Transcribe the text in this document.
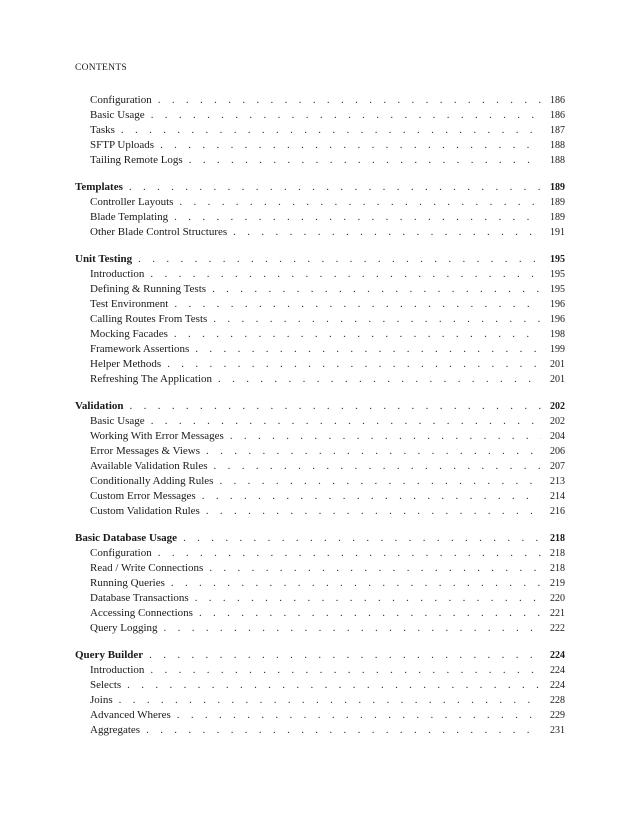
CONTENTS
Configuration . . .	186
Basic Usage . . .	186
Tasks . . .	187
SFTP Uploads . . .	188
Tailing Remote Logs . . .	188
Templates . . .	189
Controller Layouts . . .	189
Blade Templating . . .	189
Other Blade Control Structures . . .	191
Unit Testing . . .	195
Introduction . . .	195
Defining & Running Tests . . .	195
Test Environment . . .	196
Calling Routes From Tests . . .	196
Mocking Facades . . .	198
Framework Assertions . . .	199
Helper Methods . . .	201
Refreshing The Application . . .	201
Validation . . .	202
Basic Usage . . .	202
Working With Error Messages . . .	204
Error Messages & Views . . .	206
Available Validation Rules . . .	207
Conditionally Adding Rules . . .	213
Custom Error Messages . . .	214
Custom Validation Rules . . .	216
Basic Database Usage . . .	218
Configuration . . .	218
Read / Write Connections . . .	218
Running Queries . . .	219
Database Transactions . . .	220
Accessing Connections . . .	221
Query Logging . . .	222
Query Builder . . .	224
Introduction . . .	224
Selects . . .	224
Joins . . .	228
Advanced Wheres . . .	229
Aggregates . . .	231
